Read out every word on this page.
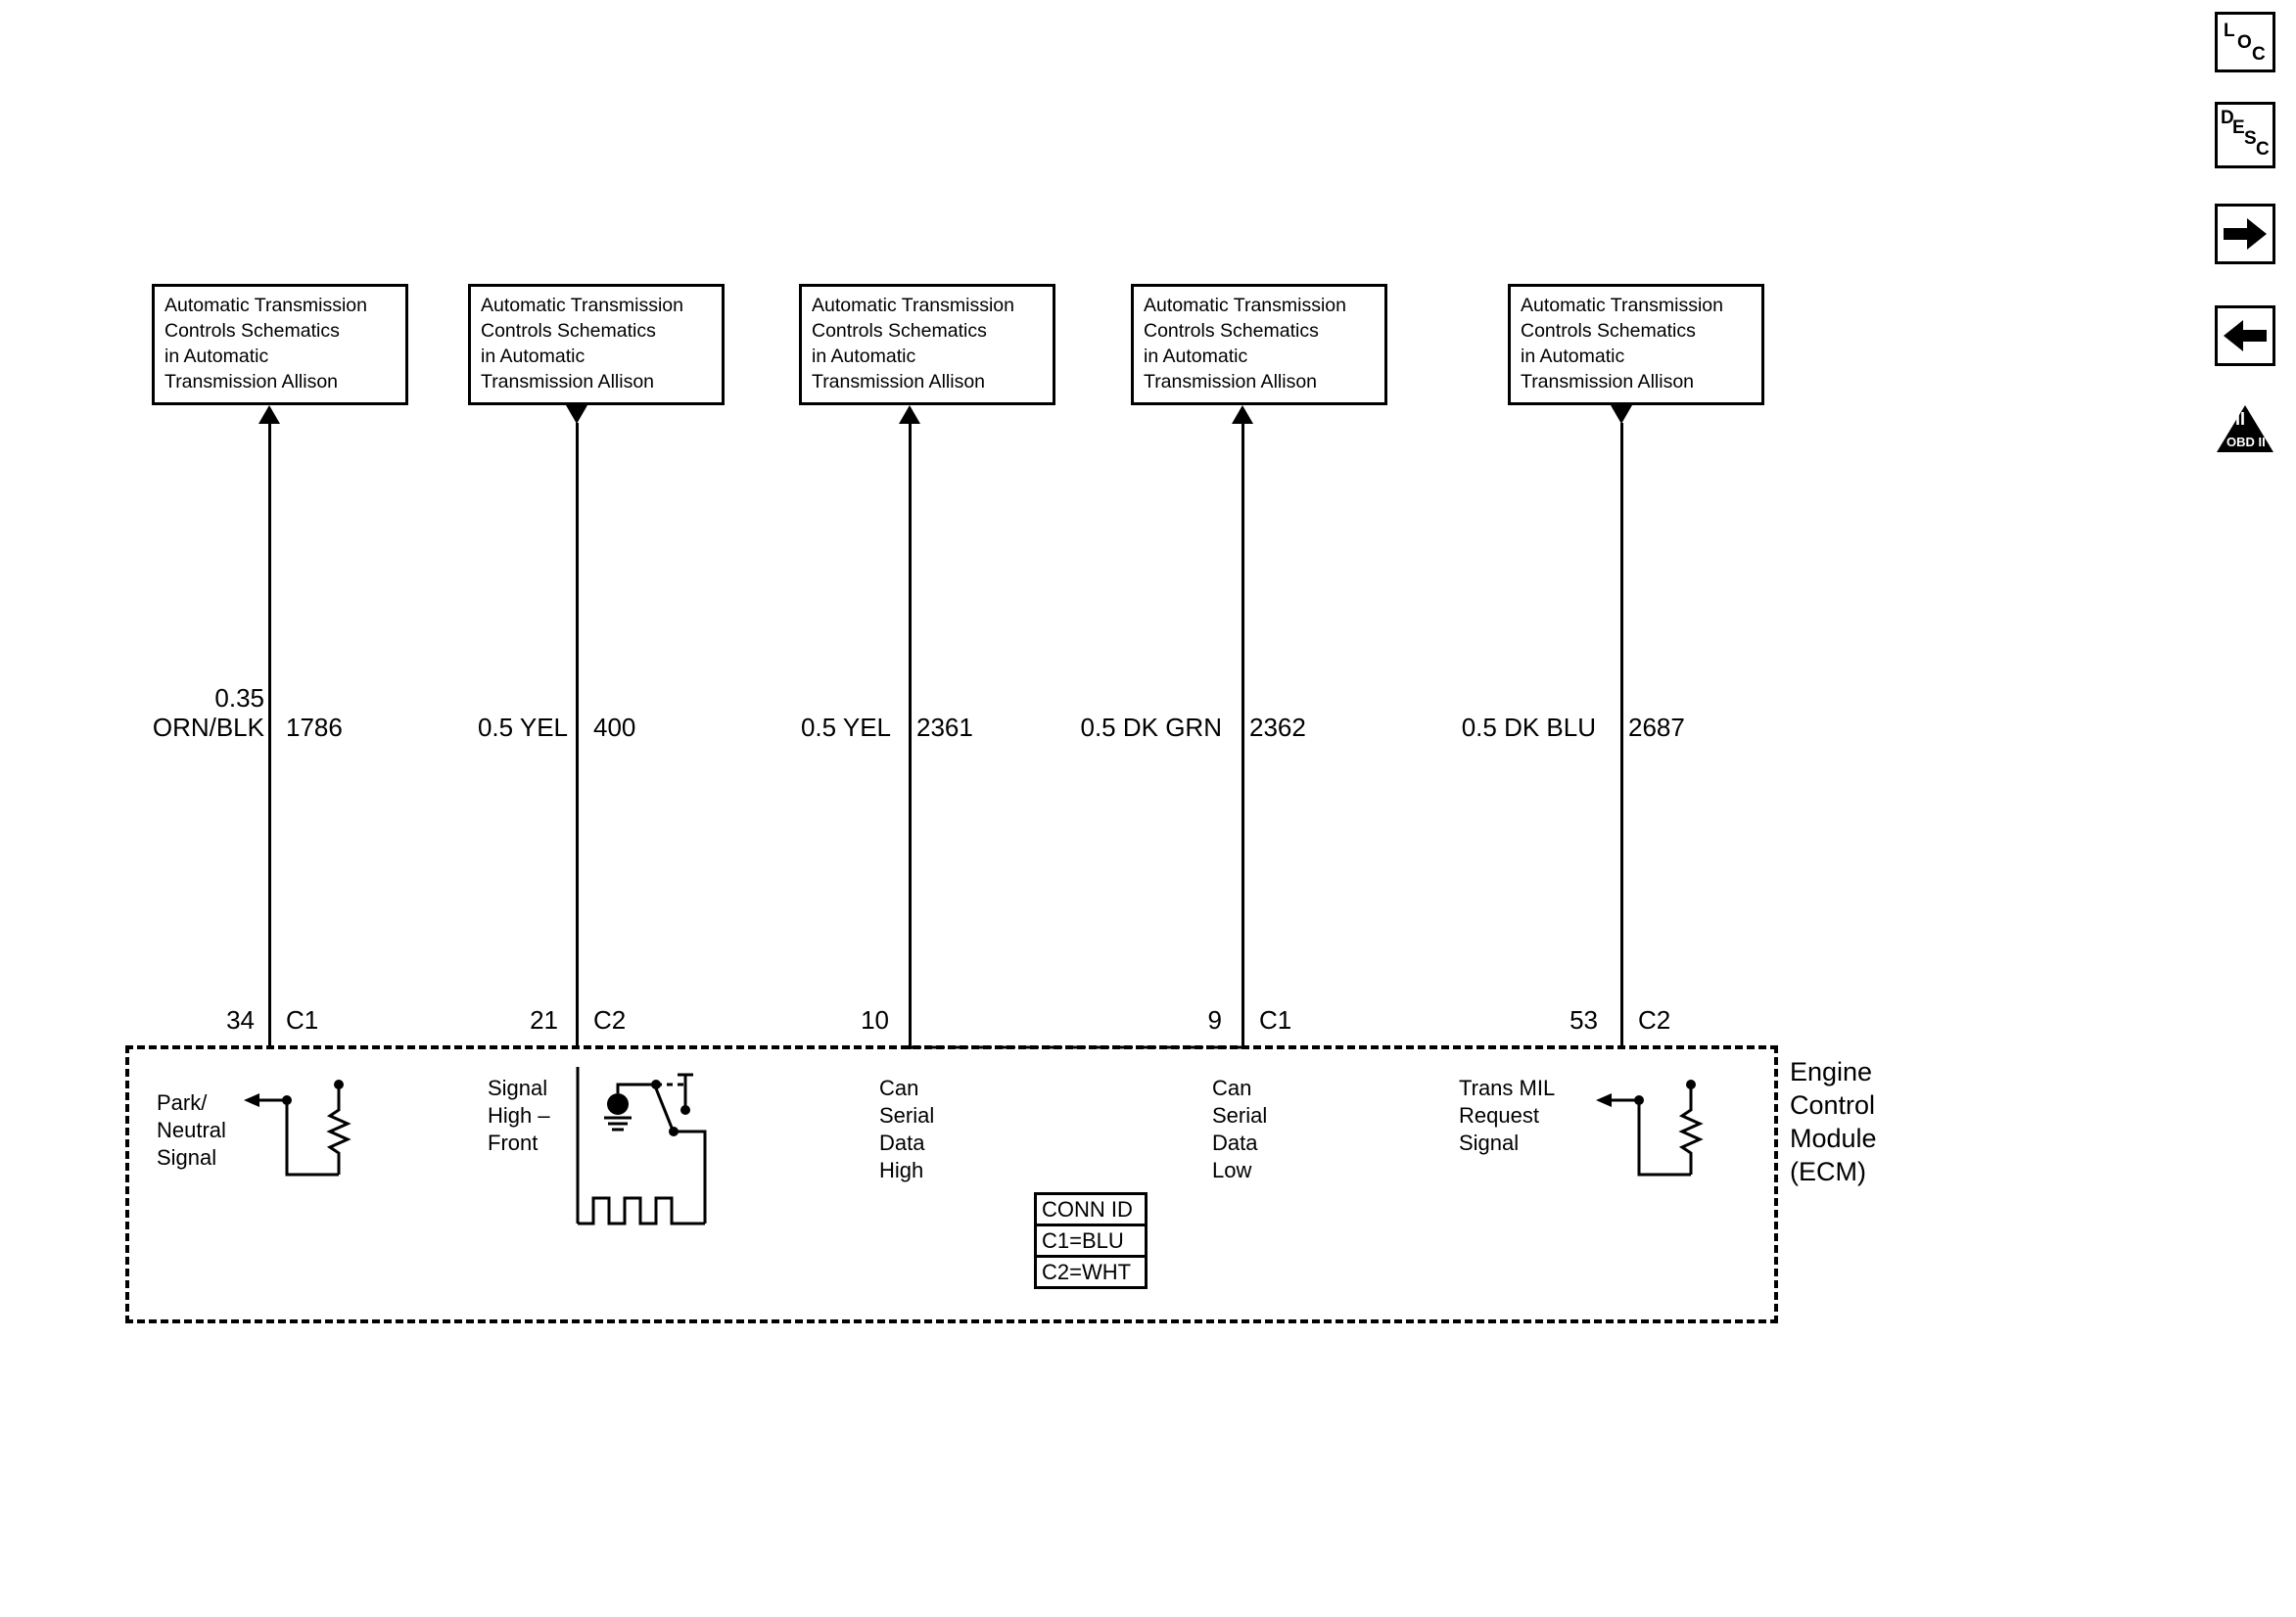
Automatic Transmission
Controls Schematics
in Automatic
Transmission Allison
Automatic Transmission
Controls Schematics
in Automatic
Transmission Allison
Automatic Transmission
Controls Schematics
in Automatic
Transmission Allison
Automatic Transmission
Controls Schematics
in Automatic
Transmission Allison
Automatic Transmission
Controls Schematics
in Automatic
Transmission Allison
0.35
ORN/BLK 1786
34 C1
Park/
Neutral
Signal
0.5 YEL 400
21 C2
Signal
High –
Front
0.5 YEL 2361
10
Can
Serial
Data
High
0.5 DK GRN 2362
9 C1
Can
Serial
Data
Low
0.5 DK BLU 2687
53 C2
Trans MIL
Request
Signal
Engine
Control
Module
(ECM)
CONN ID
C1=BLU
C2=WHT
L
O
C
D
E
S
C
II
OBD II
